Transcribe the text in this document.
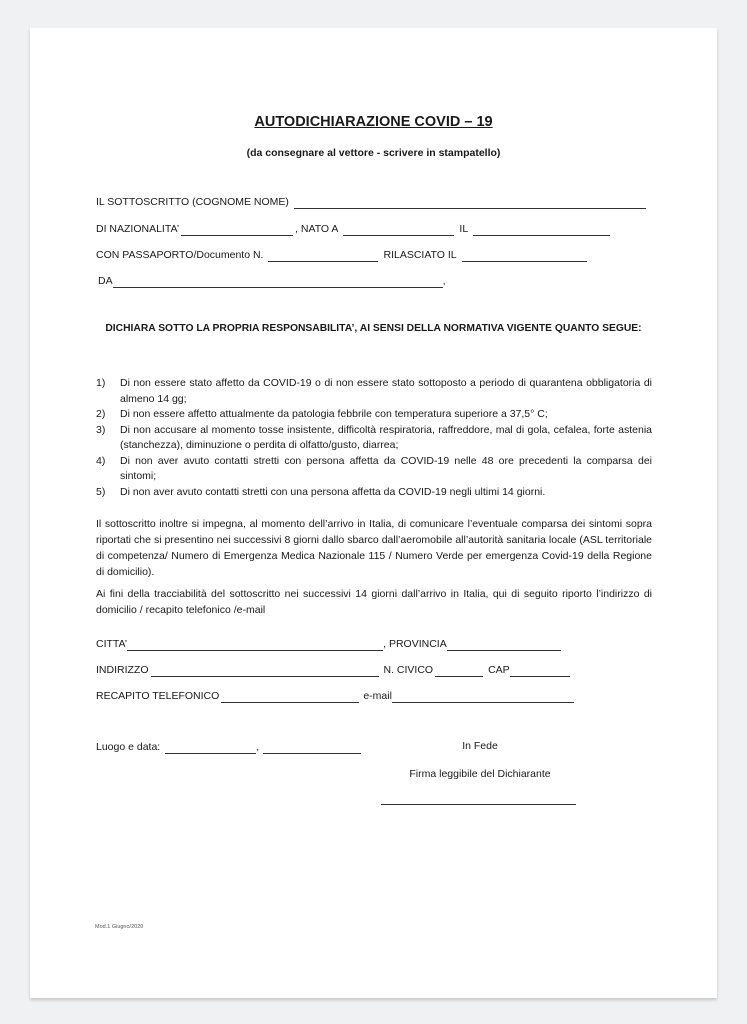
AUTODICHIARAZIONE COVID – 19
(da consegnare al vettore - scrivere in stampatello)
IL SOTTOSCRITTO (COGNOME NOME)
DI NAZIONALITA’	, NATO A	IL
CON PASSAPORTO/Documento N.	RILASCIATO IL
DA	,
DICHIARA SOTTO LA PROPRIA RESPONSABILITA’, AI SENSI DELLA NORMATIVA VIGENTE QUANTO SEGUE:
1) Di non essere stato affetto da COVID-19 o di non essere stato sottoposto a periodo di quarantena obbligatoria di almeno 14 gg;
2) Di non essere affetto attualmente da patologia febbrile con temperatura superiore a 37,5° C;
3) Di non accusare al momento tosse insistente, difficoltà respiratoria, raffreddore, mal di gola, cefalea, forte astenia (stanchezza), diminuzione o perdita di olfatto/gusto, diarrea;
4) Di non aver avuto contatti stretti con persona affetta da COVID-19 nelle 48 ore precedenti la comparsa dei sintomi;
5) Di non aver avuto contatti stretti con una persona affetta da COVID-19 negli ultimi 14 giorni.
Il sottoscritto inoltre si impegna, al momento dell’arrivo in Italia, di comunicare l’eventuale comparsa dei sintomi sopra riportati che si presentino nei successivi 8 giorni dallo sbarco dall’aeromobile all’autorità sanitaria locale (ASL territoriale di competenza/ Numero di Emergenza Medica Nazionale 115 / Numero Verde per emergenza Covid-19 della Regione di domicilio).
Ai fini della tracciabilità del sottoscritto nei successivi 14 giorni dall’arrivo in Italia, qui di seguito riporto l’indirizzo di domicilio / recapito telefonico /e-mail
CITTA’	, PROVINCIA
INDIRIZZO	N. CIVICO	CAP
RECAPITO TELEFONICO	e-mail
Luogo e data:	,	In Fede
Firma leggibile del Dichiarante
Mod.1 Giugno/2020
